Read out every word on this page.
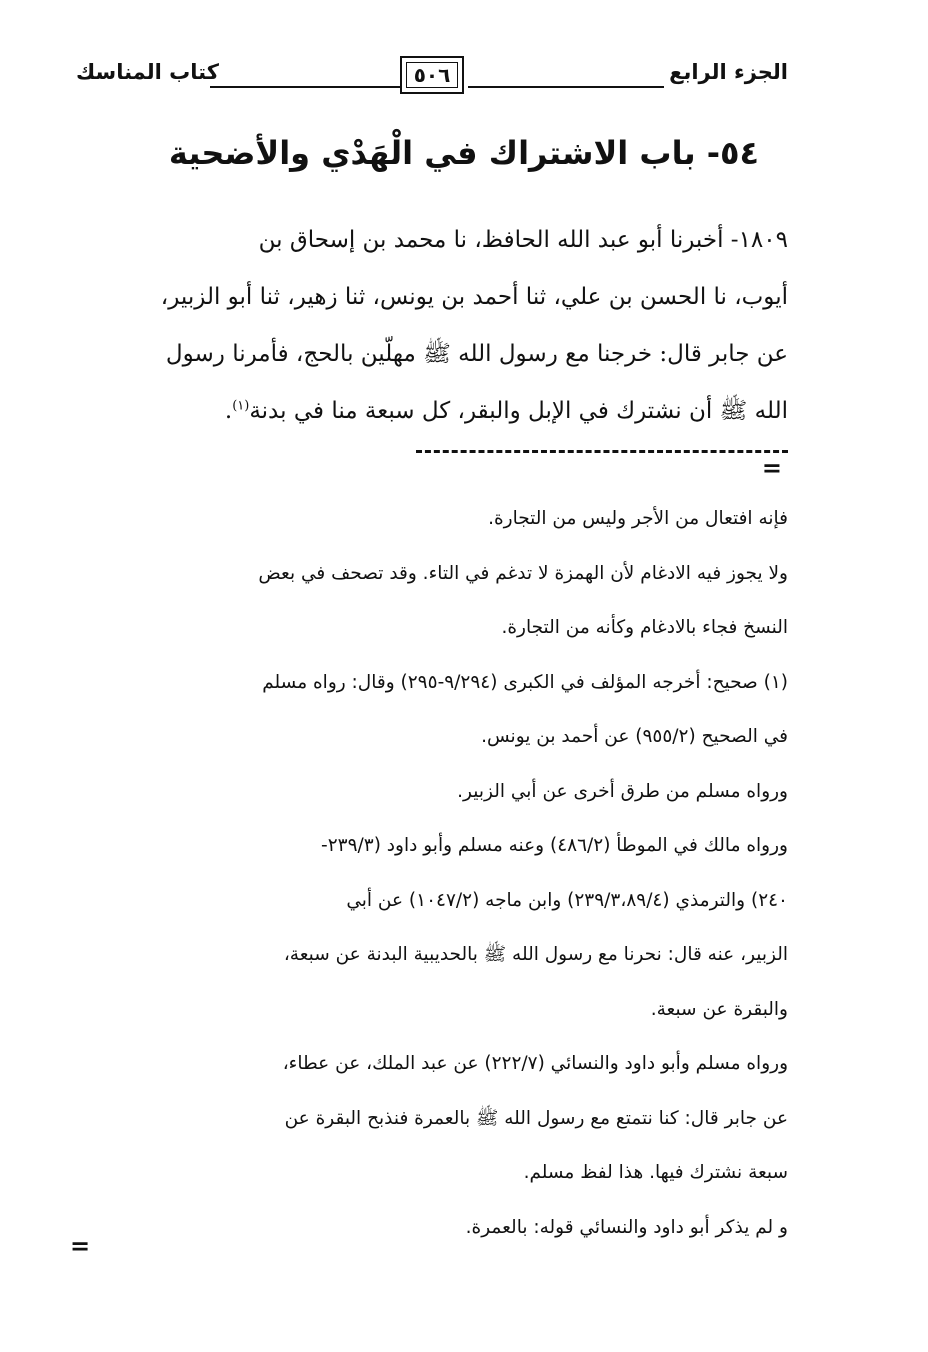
الجزء الرابع
٥٠٦
كتاب المناسك
٥٤- باب الاشتراك في الْهَدْي والأضحية

١٨٠٩- أخبرنا أبو عبد الله الحافظ، نا محمد بن إسحاق بن

أيوب، نا الحسن بن علي، ثنا أحمد بن يونس، ثنا زهير، ثنا أبو الزبير،

عن جابر قال: خرجنا مع رسول الله ﷺ مهلّين بالحج، فأمرنا رسول

الله ﷺ أن نشترك في الإبل والبقر، كل سبعة منا في بدنة$^{(١)}$.

=

فإنه افتعال من الأجر وليس من التجارة.

ولا يجوز فيه الادغام لأن الهمزة لا تدغم في التاء. وقد تصحف في بعض

النسخ فجاء بالادغام وكأنه من التجارة.

(١) صحيح: أخرجه المؤلف في الكبرى (٩/٢٩٤-٢٩٥) وقال: رواه مسلم

في الصحيح (٩٥٥/٢) عن أحمد بن يونس.

ورواه مسلم من طرق أخرى عن أبي الزبير.

ورواه مالك في الموطأ (٤٨٦/٢) وعنه مسلم وأبو داود (٢٣٩/٣-

٢٤٠) والترمذي (٢٣٩/٣،٨٩/٤) وابن ماجه (١٠٤٧/٢) عن أبي

الزبير، عنه قال: نحرنا مع رسول الله ﷺ بالحديبية البدنة عن سبعة،

والبقرة عن سبعة.

ورواه مسلم وأبو داود والنسائي (٢٢٢/٧) عن عبد الملك، عن عطاء،

عن جابر قال: كنا نتمتع مع رسول الله ﷺ بالعمرة فنذبح البقرة عن

سبعة نشترك فيها. هذا لفظ مسلم.

و لم يذكر أبو داود والنسائي قوله: بالعمرة.

=
